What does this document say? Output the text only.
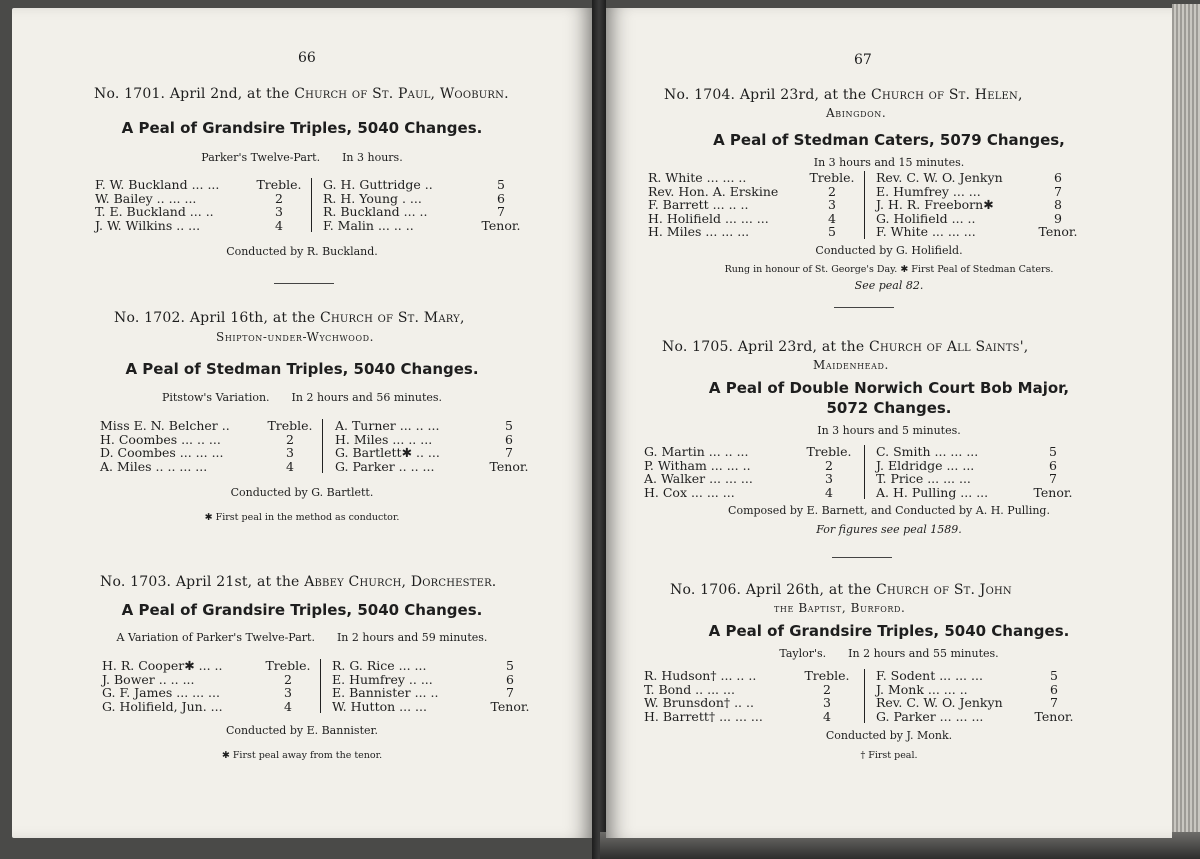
66
No. 1701. April 2nd, at the Church of St. Paul, Wooburn.
A Peal of Grandsire Triples, 5040 Changes.
Parker's Twelve-Part. In 3 hours.
F. W. Buckland ... ...	Treble.
W. Bailey .. ... ...	2
T. E. Buckland ... ..	3
J. W. Wilkins .. ...	4
G. H. Guttridge ..	5
R. H. Young . ...	6
R. Buckland ... ..	7
F. Malin ... .. ..	Tenor.
Conducted by R. Buckland.
No. 1702. April 16th, at the Church of St. Mary,
Shipton-under-Wychwood.
A Peal of Stedman Triples, 5040 Changes.
Pitstow's Variation. In 2 hours and 56 minutes.
Miss E. N. Belcher ..	Treble.
H. Coombes ... .. ...	2
D. Coombes ... ... ...	3
A. Miles .. .. ... ...	4
A. Turner ... .. ...	5
H. Miles ... .. ...	6
G. Bartlett✱ .. ...	7
G. Parker .. .. ...	Tenor.
Conducted by G. Bartlett.
✱ First peal in the method as conductor.
No. 1703. April 21st, at the Abbey Church, Dorchester.
A Peal of Grandsire Triples, 5040 Changes.
A Variation of Parker's Twelve-Part. In 2 hours and 59 minutes.
H. R. Cooper✱ ... ..	Treble.
J. Bower .. .. ...	2
G. F. James ... ... ...	3
G. Holifield, Jun. ...	4
R. G. Rice ... ...	5
E. Humfrey .. ...	6
E. Bannister ... ..	7
W. Hutton ... ...	Tenor.
Conducted by E. Bannister.
✱ First peal away from the tenor.
67
No. 1704. April 23rd, at the Church of St. Helen,
Abingdon.
A Peal of Stedman Caters, 5079 Changes,
In 3 hours and 15 minutes.
R. White ... ... ..	Treble.
Rev. Hon. A. Erskine	2
F. Barrett ... .. ..	3
H. Holifield ... ... ...	4
H. Miles ... ... ...	5
Rev. C. W. O. Jenkyn	6
E. Humfrey ... ...	7
J. H. R. Freeborn✱	8
G. Holifield ... ..	9
F. White ... ... ...	Tenor.
Conducted by G. Holifield.
Rung in honour of St. George's Day. ✱ First Peal of Stedman Caters.
See peal 82.
No. 1705. April 23rd, at the Church of All Saints',
Maidenhead.
A Peal of Double Norwich Court Bob Major,
5072 Changes.
In 3 hours and 5 minutes.
G. Martin ... .. ...	Treble.
P. Witham ... ... ..	2
A. Walker ... ... ...	3
H. Cox ... ... ...	4
C. Smith ... ... ...	5
J. Eldridge ... ...	6
T. Price ... ... ...	7
A. H. Pulling ... ...	Tenor.
Composed by E. Barnett, and Conducted by A. H. Pulling.
For figures see peal 1589.
No. 1706. April 26th, at the Church of St. John
the Baptist, Burford.
A Peal of Grandsire Triples, 5040 Changes.
Taylor's. In 2 hours and 55 minutes.
R. Hudson† ... .. ..	Treble.
T. Bond .. ... ...	2
W. Brunsdon† .. ..	3
H. Barrett† ... ... ...	4
F. Sodent ... ... ...	5
J. Monk ... ... ..	6
Rev. C. W. O. Jenkyn	7
G. Parker ... ... ...	Tenor.
Conducted by J. Monk.
† First peal.
